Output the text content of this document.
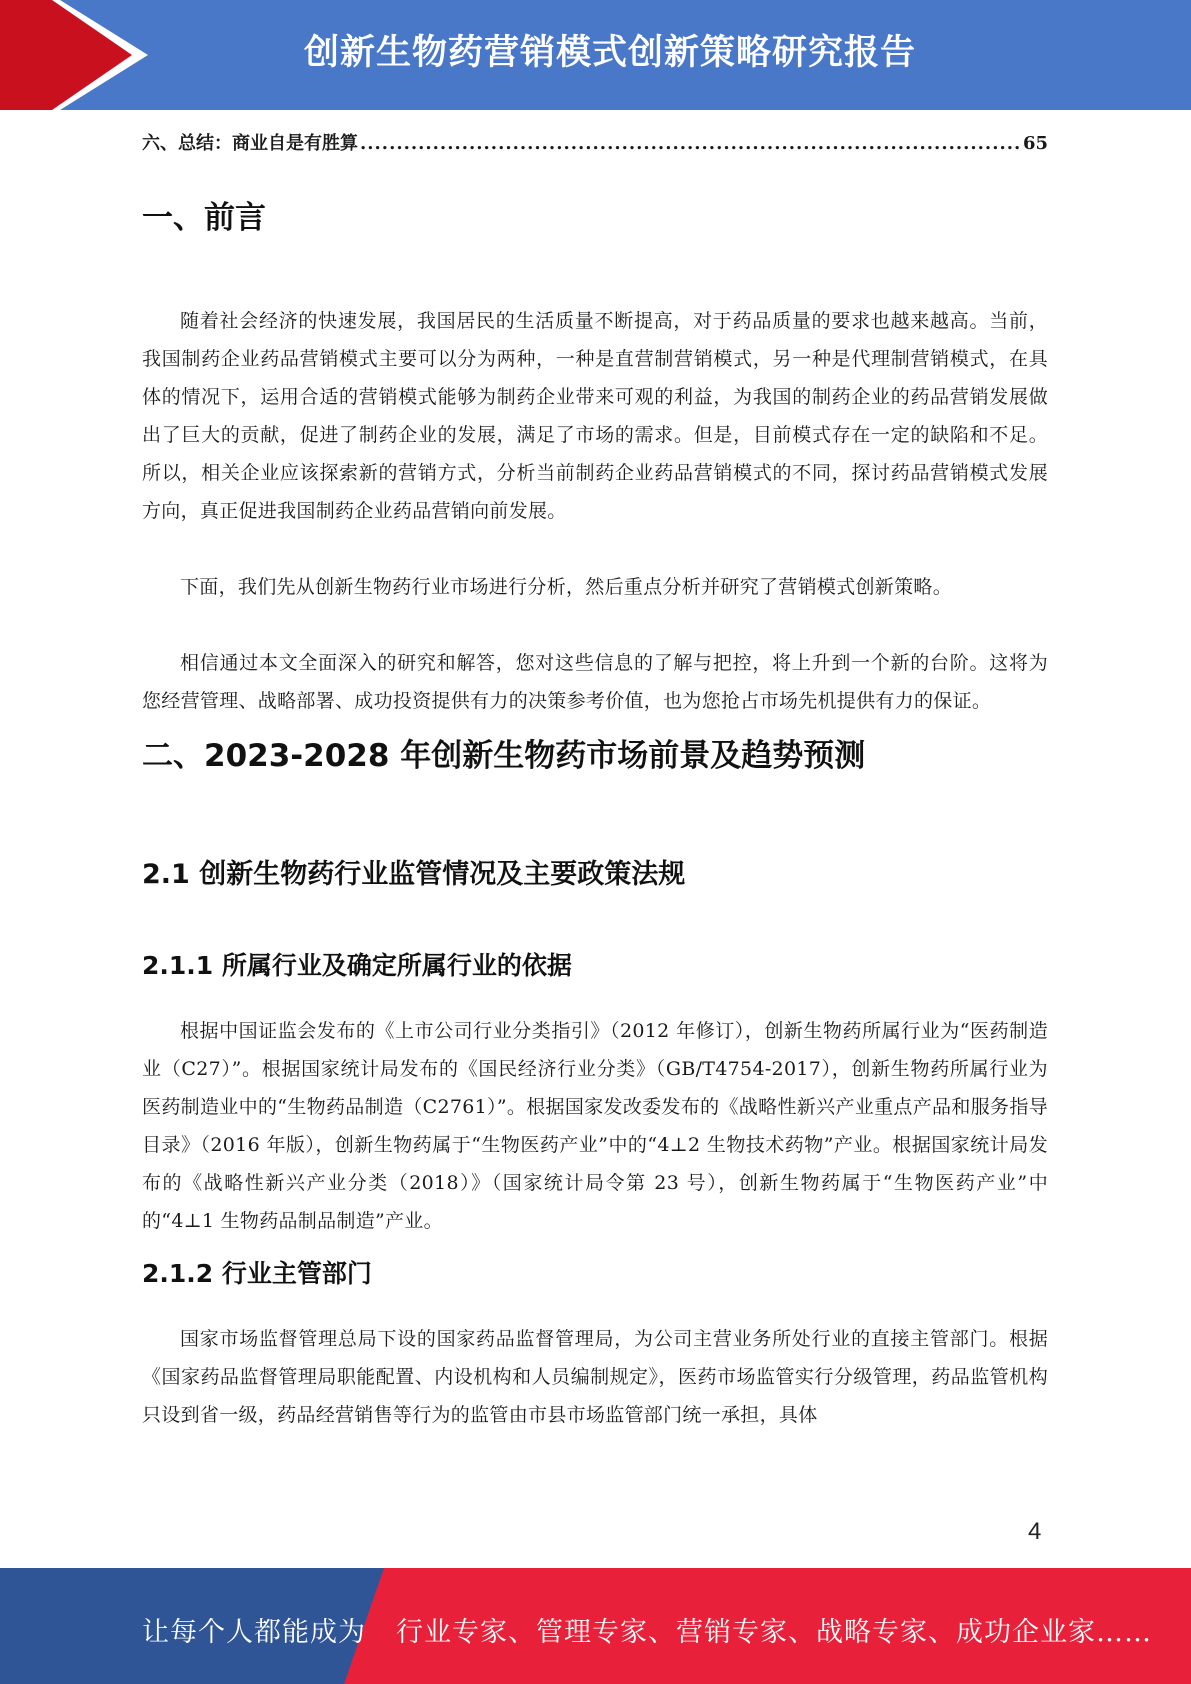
创新生物药营销模式创新策略研究报告
六、总结：商业自是有胜算
.....	65
一、前言

随着社会经济的快速发展，我国居民的生活质量不断提高，对于药品质量的要求也越来越高。当前，我国制药企业药品营销模式主要可以分为两种，一种是直营制营销模式，另一种是代理制营销模式，在具体的情况下，运用合适的营销模式能够为制药企业带来可观的利益，为我国的制药企业的药品营销发展做出了巨大的贡献，促进了制药企业的发展，满足了市场的需求。但是，目前模式存在一定的缺陷和不足。所以，相关企业应该探索新的营销方式，分析当前制药企业药品营销模式的不同，探讨药品营销模式发展方向，真正促进我国制药企业药品营销向前发展。

下面，我们先从创新生物药行业市场进行分析，然后重点分析并研究了营销模式创新策略。

相信通过本文全面深入的研究和解答，您对这些信息的了解与把控，将上升到一个新的台阶。这将为您经营管理、战略部署、成功投资提供有力的决策参考价值，也为您抢占市场先机提供有力的保证。

二、2023-2028 年创新生物药市场前景及趋势预测
2.1 创新生物药行业监管情况及主要政策法规
2.1.1 所属行业及确定所属行业的依据

根据中国证监会发布的《上市公司行业分类指引》（2012 年修订），创新生物药所属行业为“医药制造业（C27）”。根据国家统计局发布的《国民经济行业分类》（GB/T4754-2017），创新生物药所属行业为医药制造业中的“生物药品制造（C2761）”。根据国家发改委发布的《战略性新兴产业重点产品和服务指导目录》（2016 年版），创新生物药属于“生物医药产业”中的“4⊥2 生物技术药物”产业。根据国家统计局发布的《战略性新兴产业分类（2018）》（国家统计局令第 23 号），创新生物药属于“生物医药产业”中的“4⊥1 生物药品制品制造”产业。

2.1.2 行业主管部门

国家市场监督管理总局下设的国家药品监督管理局，为公司主营业务所处行业的直接主管部门。根据《国家药品监督管理局职能配置、内设机构和人员编制规定》，医药市场监管实行分级管理，药品监管机构只设到省一级，药品经营销售等行为的监管由市县市场监管部门统一承担，具体

4
让每个人都能成为 行业专家、管理专家、营销专家、战略专家、成功企业家……
